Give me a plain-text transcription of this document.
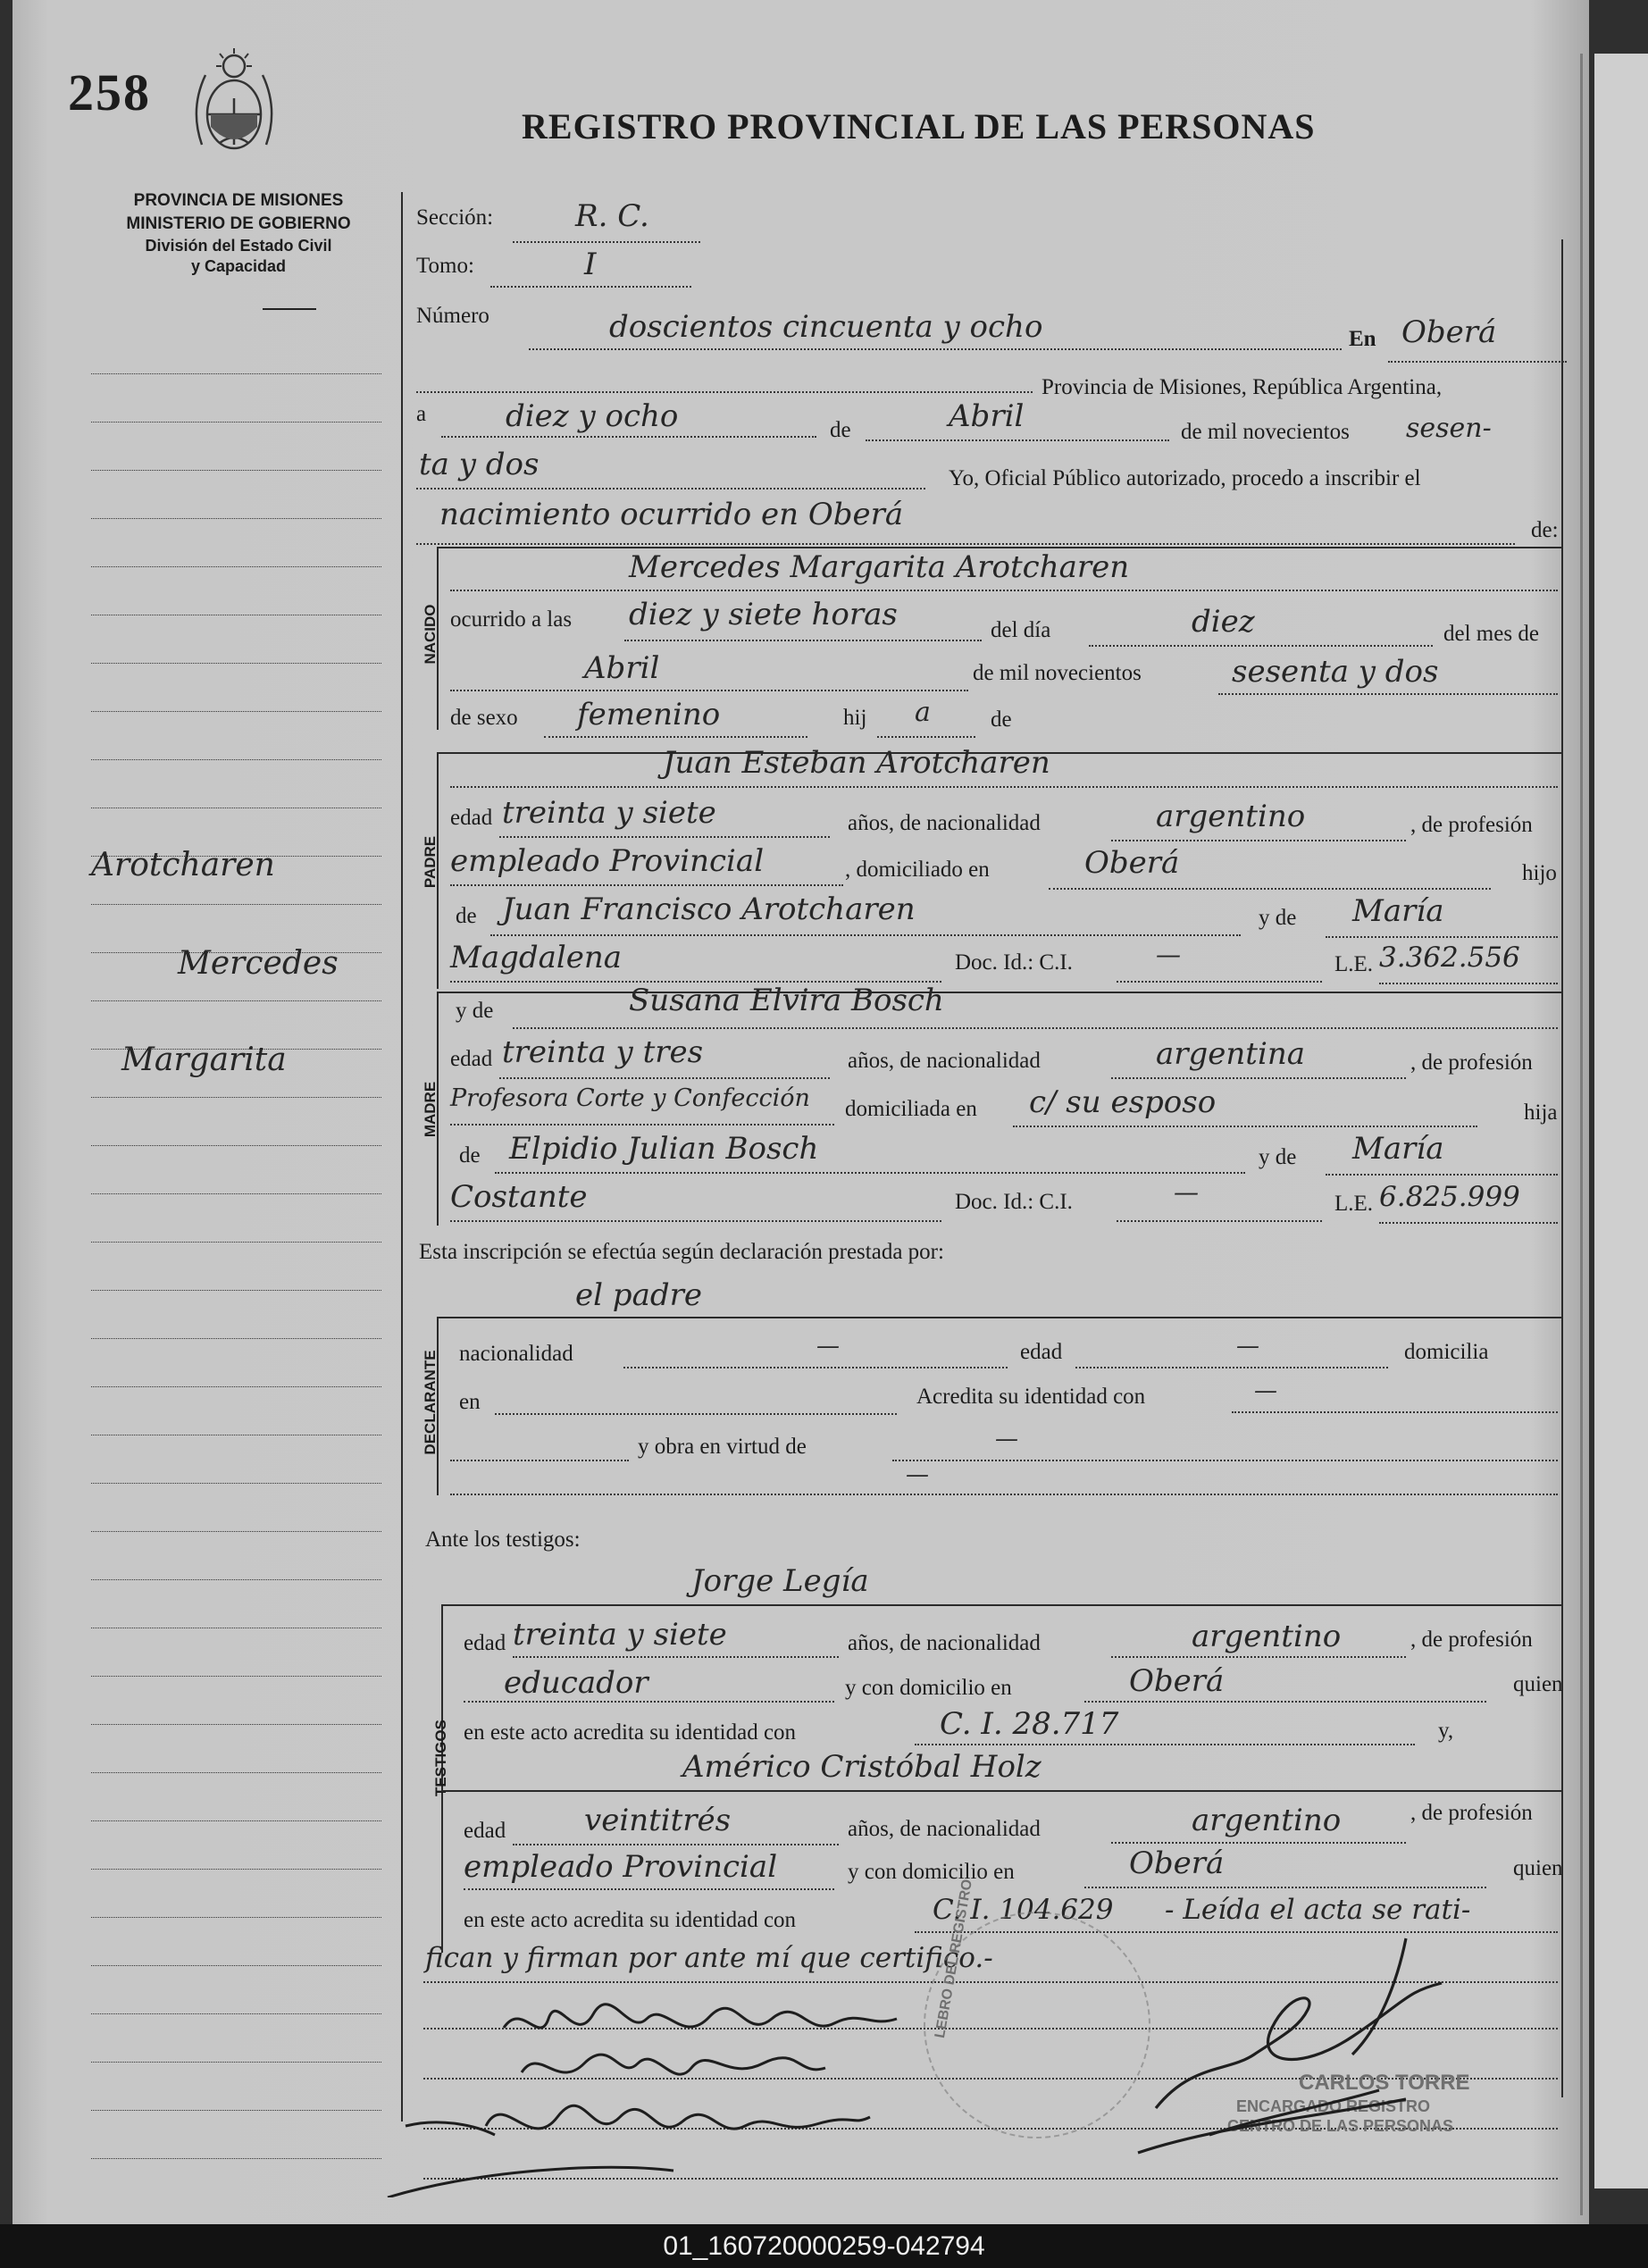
258
REGISTRO PROVINCIAL DE LAS PERSONAS
PROVINCIA DE MISIONES
MINISTERIO DE GOBIERNO
División del Estado Civil
y Capacidad
Arotcharen
Mercedes
Margarita
Sección:	R. C.
Tomo:	I
Número	doscientos cincuenta y ocho	En Oberá
Provincia de Misiones, República Argentina,
a	diez y ocho	de	Abril	de mil novecientos sesen-
ta y dos	Yo, Oficial Público autorizado, procedo a inscribir el
nacimiento ocurrido en Oberá	de:
NACIDO
Mercedes Margarita Arotcharen
ocurrido a las diez y siete horas	del día	diez	del mes de
Abril	de mil novecientos	sesenta y dos
de sexo femenino	hij a	de
PADRE
Juan Esteban Arotcharen
edad treinta y siete	años, de nacionalidad	argentino	, de profesión
empleado Provincial	, domiciliado en	Oberá	hijo
de Juan Francisco Arotcharen	y de María
Magdalena	Doc. Id.: C.I.	—	L.E. 3.362.556
MADRE
y de	Susana Elvira Bosch
edad treinta y tres	años, de nacionalidad	argentina	, de profesión
Profesora Corte y Confección domiciliada en c/ su esposo	hija
de Elpidio Julian Bosch	y de María
Costante	Doc. Id.: C.I.	—	L.E. 6.825.999
Esta inscripción se efectúa según declaración prestada por:
DECLARANTE
el padre
nacionalidad	—	edad	—	domicilia
en	Acredita su identidad con	—
y obra en virtud de	—
—
Ante los testigos:
TESTIGOS
Jorge Legía
edad treinta y siete	años, de nacionalidad	argentino	, de profesión
educador	y con domicilio en	Oberá	quien
en este acto acredita su identidad con	C. I. 28.717	y,
Américo Cristóbal Holz
edad	veintitrés	años, de nacionalidad	argentino	, de profesión
empleado Provincial	y con domicilio en	Oberá	quien
en este acto acredita su identidad con	C. I. 104.629 - Leída el acta se rati-
fican y firman por ante mí que certifico.-
LEBRO DEL REGISTRO
CARLOS TORRE
ENCARGADO REGISTRO
CENTRO DE LAS PERSONAS
01_160720000259-042794
